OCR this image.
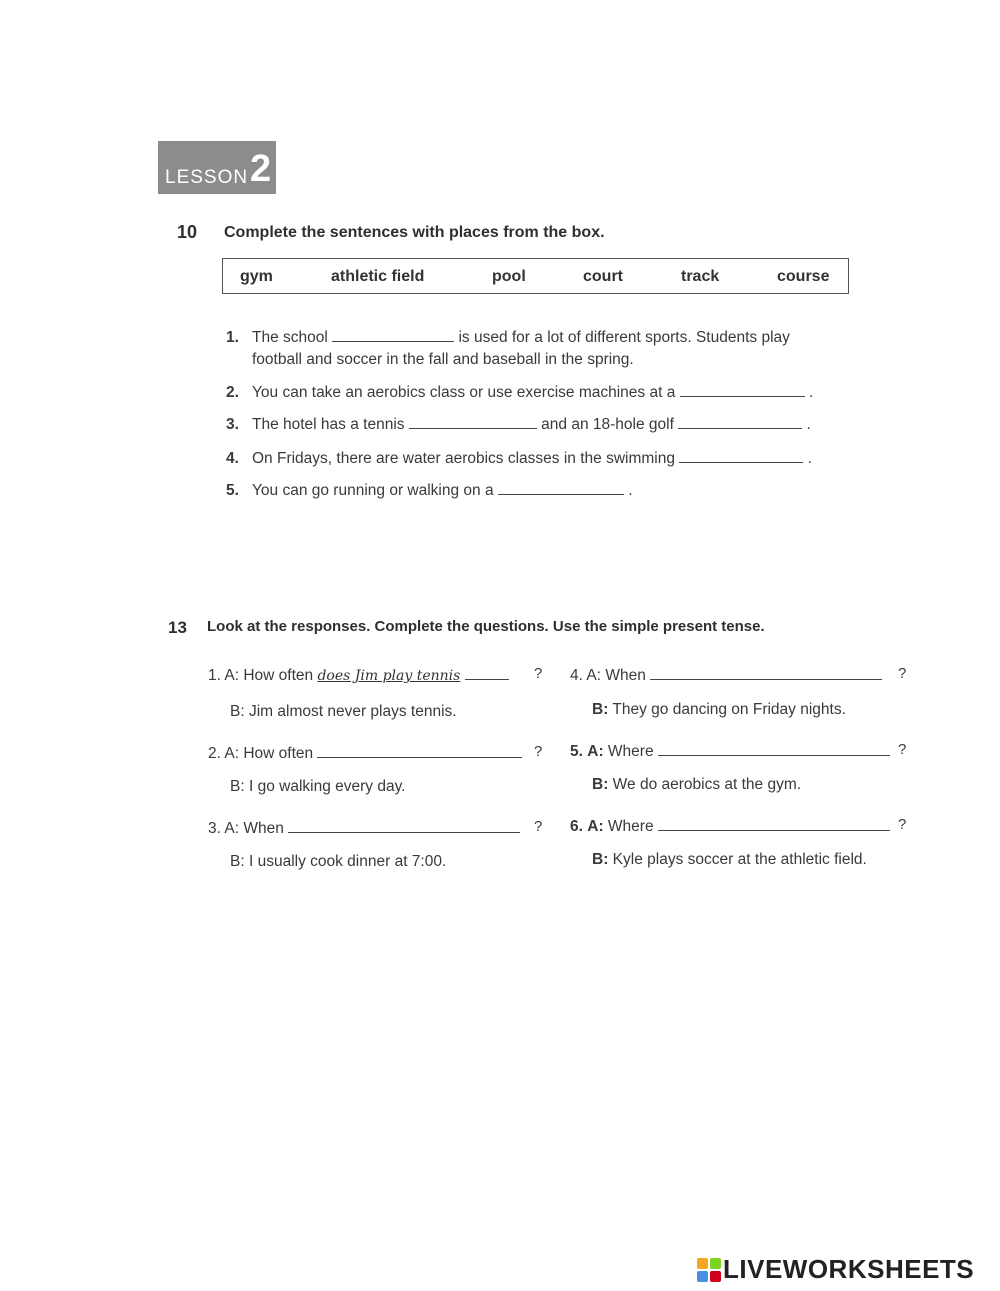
LESSON 2
10 Complete the sentences with places from the box.
gym	athletic field	pool	court	track	course
1. The school	is used for a lot of different sports. Students play
football and soccer in the fall and baseball in the spring.
2. You can take an aerobics class or use exercise machines at a	.
3. The hotel has a tennis	and an 18-hole golf	.
4. On Fridays, there are water aerobics classes in the swimming	.
5. You can go running or walking on a	.
13 Look at the responses. Complete the questions. Use the simple present tense.
1. A: How often does Jim play tennis	?
B: Jim almost never plays tennis.
2. A: How often	?
B: I go walking every day.
3. A: When	?
B: I usually cook dinner at 7:00.
4. A: When	?
B: They go dancing on Friday nights.
5. A: Where	?
B: We do aerobics at the gym.
6. A: Where	?
B: Kyle plays soccer at the athletic field.
LIVEWORKSHEETS
